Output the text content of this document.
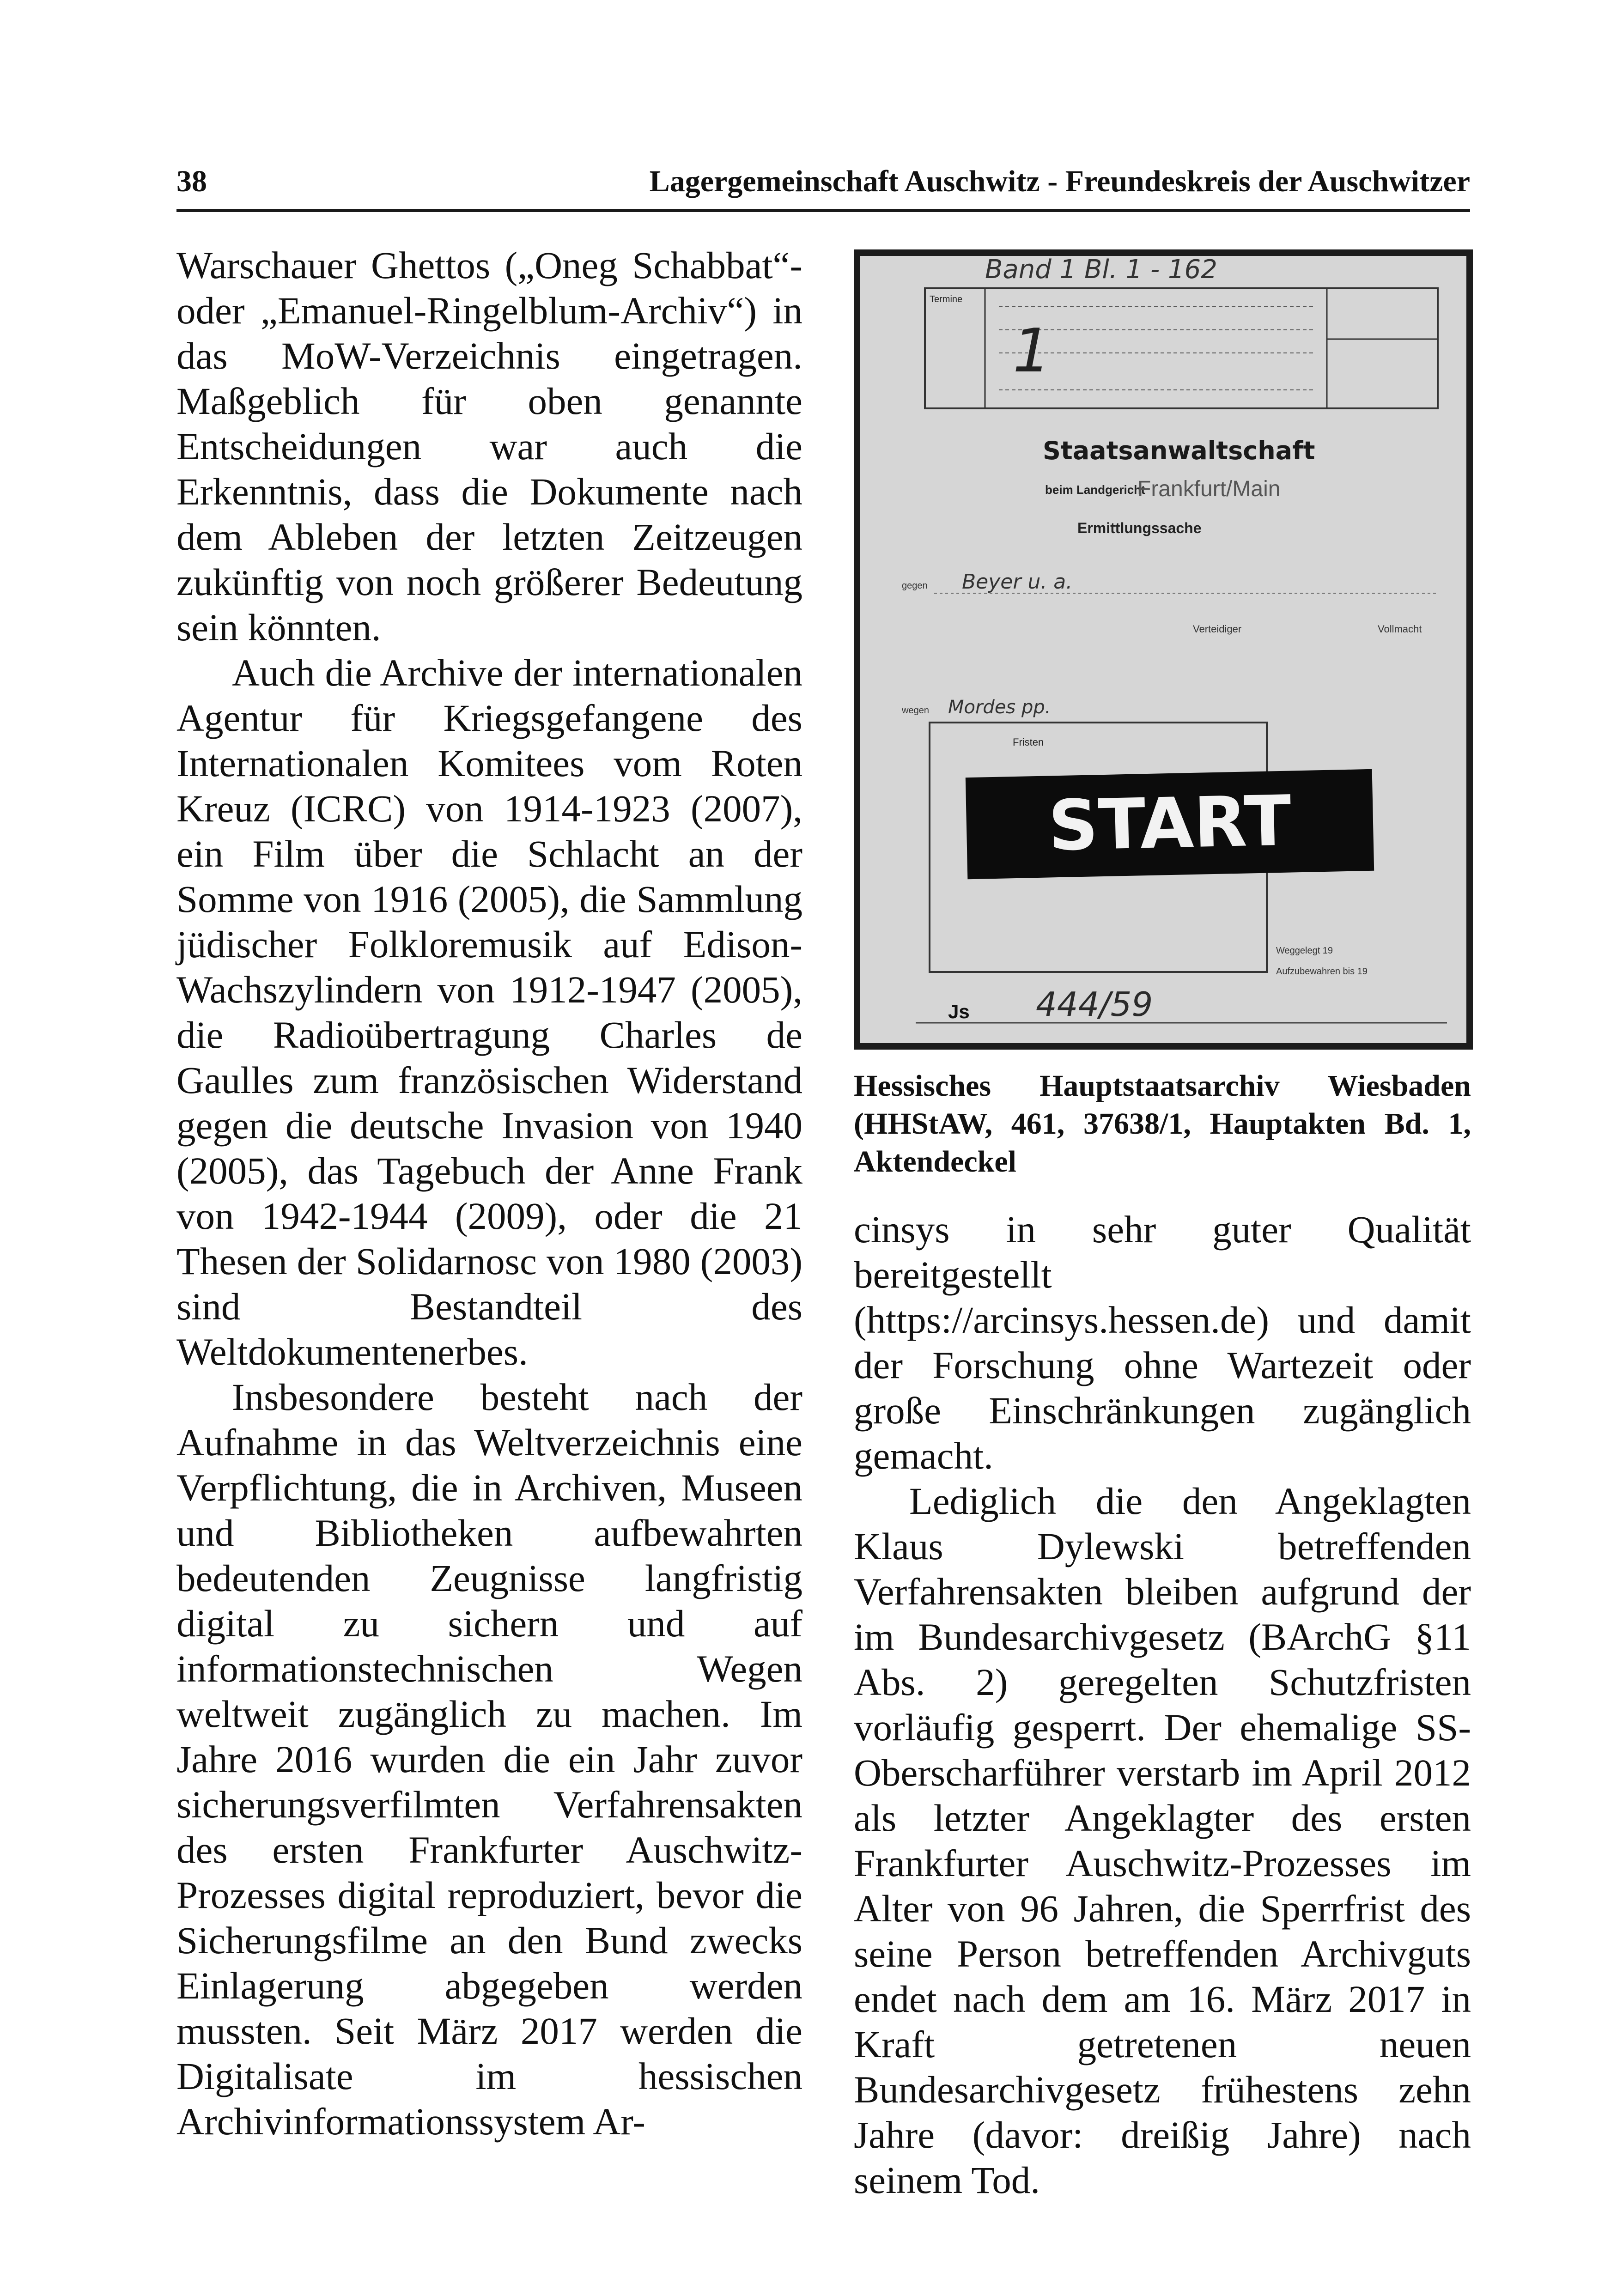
38	Lagergemeinschaft Auschwitz - Freundeskreis der Auschwitzer

Warschauer Ghettos („Oneg Schabbat“- oder „Emanuel-Ringelblum-Archiv“) in das MoW-Verzeichnis eingetragen. Maßgeblich für oben genannte Entscheidungen war auch die Erkenntnis, dass die Dokumente nach dem Ableben der letzten Zeitzeugen zukünftig von noch größerer Bedeutung sein könnten.

Auch die Archive der internationalen Agentur für Kriegsgefangene des Internationalen Komitees vom Roten Kreuz (ICRC) von 1914-1923 (2007), ein Film über die Schlacht an der Somme von 1916 (2005), die Sammlung jüdischer Folkloremusik auf Edison-Wachszylindern von 1912-1947 (2005), die Radioübertragung Charles de Gaulles zum französischen Widerstand gegen die deutsche Invasion von 1940 (2005), das Tagebuch der Anne Frank von 1942-1944 (2009), oder die 21 Thesen der Solidarnosc von 1980 (2003) sind Bestandteil des Weltdokumentenerbes.

Insbesondere besteht nach der Aufnahme in das Weltverzeichnis eine Verpflichtung, die in Archiven, Museen und Bibliotheken aufbewahrten bedeutenden Zeugnisse langfristig digital zu sichern und auf informationstechnischen Wegen weltweit zugänglich zu machen. Im Jahre 2016 wurden die ein Jahr zuvor sicherungsverfilmten Verfahrensakten des ersten Frankfurter Auschwitz-Prozesses digital reproduziert, bevor die Sicherungsfilme an den Bund zwecks Einlagerung abgegeben werden mussten. Seit März 2017 werden die Digitalisate im hessischen Archivinformationssystem Ar-

Termine
Band 1 Bl. 1 - 162
1
Staatsanwaltschaft
beim Landgericht
Frankfurt/Main
Ermittlungssache
gegen Beyer u. a.
Verteidiger	Vollmacht
wegen Mordes pp.
Fristen
START
Weggelegt 19
Aufzubewahren bis 19
Js 444/59
Hessisches Hauptstaatsarchiv Wiesbaden (HHStAW, 461, 37638/1, Hauptakten Bd. 1, Aktendeckel

cinsys in sehr guter Qualität bereitgestellt (https://arcinsys.hessen.de) und damit der Forschung ohne Wartezeit oder große Einschränkungen zugänglich gemacht.

Lediglich die den Angeklagten Klaus Dylewski betreffenden Verfahrensakten bleiben aufgrund der im Bundesarchivgesetz (BArchG §11 Abs. 2) geregelten Schutzfristen vorläufig gesperrt. Der ehemalige SS-Oberscharführer verstarb im April 2012 als letzter Angeklagter des ersten Frankfurter Auschwitz-Prozesses im Alter von 96 Jahren, die Sperrfrist des seine Person betreffenden Archivguts endet nach dem am 16. März 2017 in Kraft getretenen neuen Bundesarchivgesetz frühestens zehn Jahre (davor: dreißig Jahre) nach seinem Tod.
